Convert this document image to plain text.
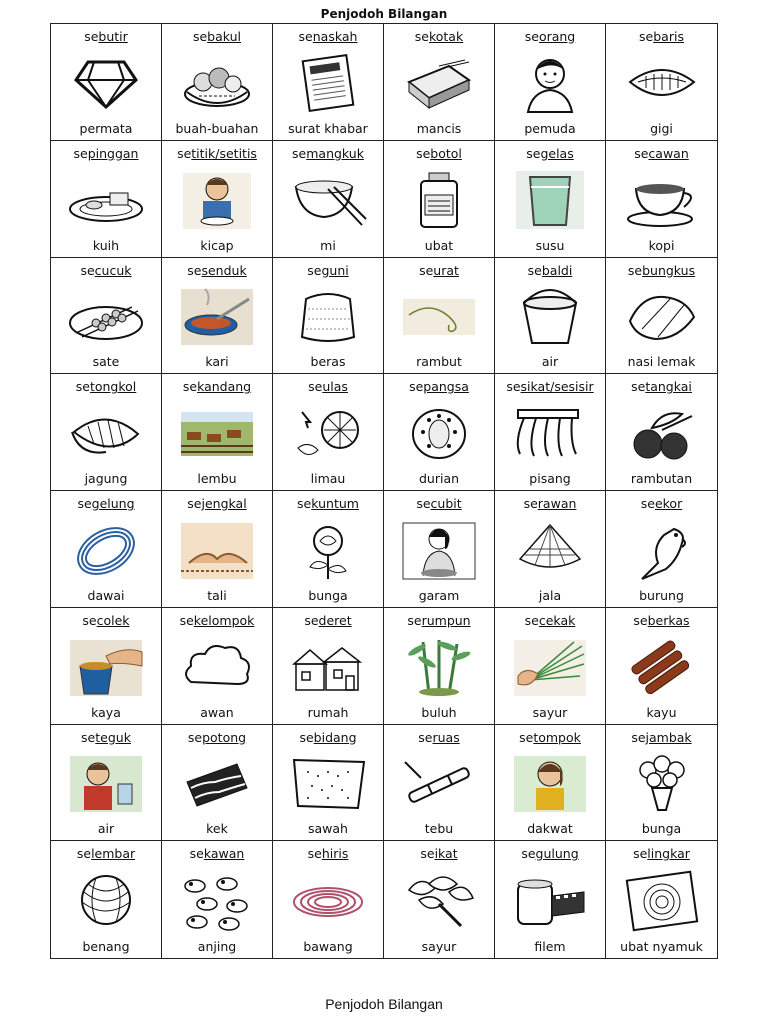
Penjodoh Bilangan
sebutir
permata
sebakul
buah-buahan
senaskah
surat khabar
sekotak
mancis
seorang
pemuda
sebaris
gigi
sepinggan
kuih
setitik/setitis
kicap
semangkuk
mi
sebotol
ubat
segelas
susu
secawan
kopi
secucuk
sate
sesenduk
kari
seguni
beras
seurat
rambut
sebaldi
air
sebungkus
nasi lemak
setongkol
jagung
sekandang
lembu
seulas
limau
sepangsa
durian
sesikat/sesisir
pisang
setangkai
rambutan
segelung
dawai
sejengkal
tali
sekuntum
bunga
secubit
garam
serawan
jala
seekor
burung
secolek
kaya
sekelompok
awan
sederet
rumah
serumpun
buluh
secekak
sayur
seberkas
kayu
seteguk
air
sepotong
kek
sebidang
sawah
seruas
tebu
setompok
dakwat
sejambak
bunga
selembar
benang
sekawan
anjing
sehiris
bawang
seikat
sayur
segulung
filem
selingkar
ubat nyamuk
Penjodoh Bilangan
